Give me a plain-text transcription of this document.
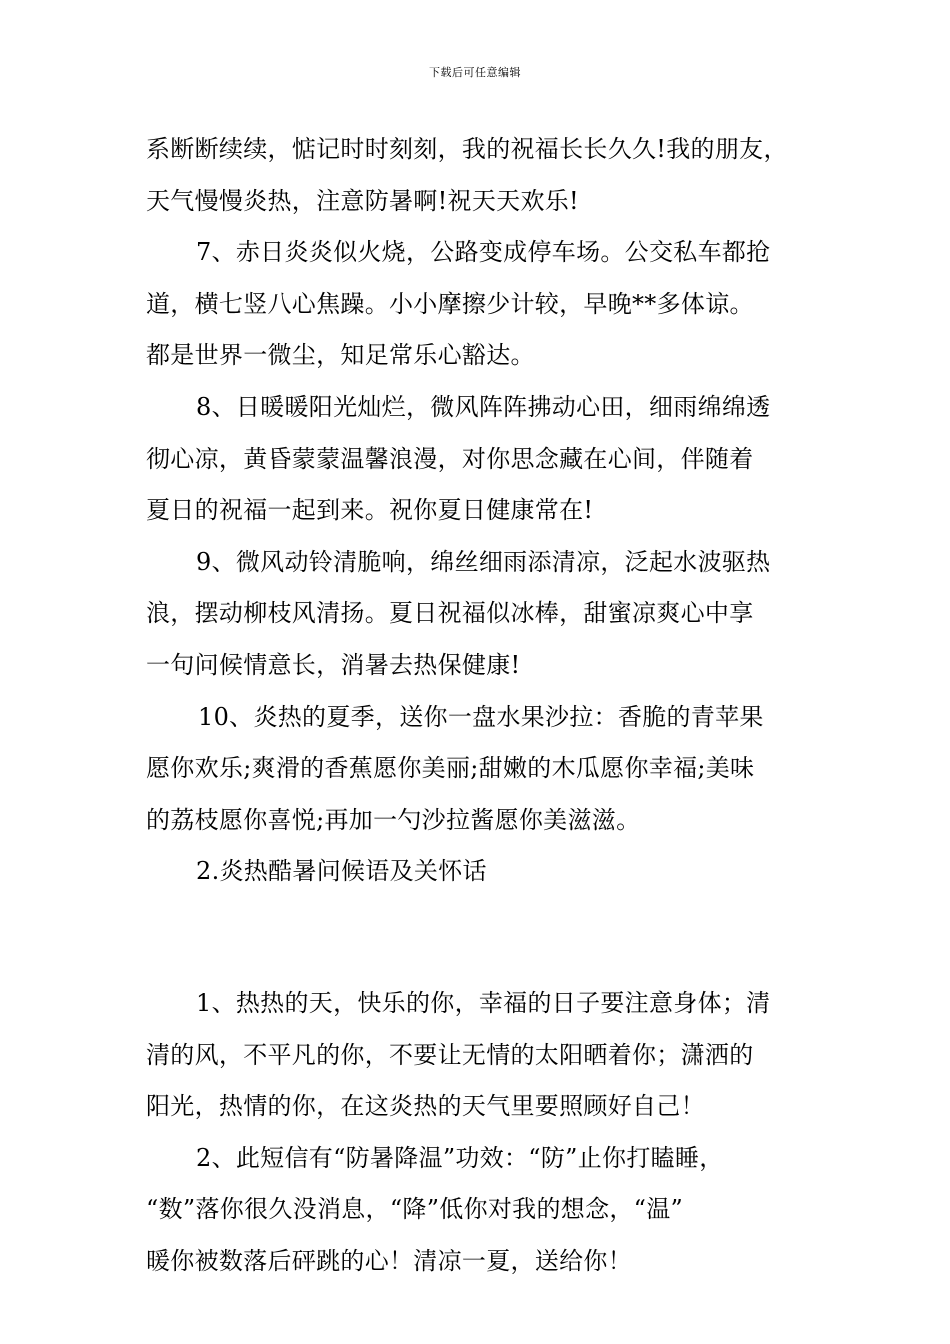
下载后可任意编辑
系断断续续，惦记时时刻刻，我的祝福长长久久!我的朋友，
天气慢慢炎热，注意防暑啊!祝天天欢乐!
7、赤日炎炎似火烧，公路变成停车场。公交私车都抢
道，横七竖八心焦躁。小小摩擦少计较，早晚**多体谅。
都是世界一微尘，知足常乐心豁达。
8、日暖暖阳光灿烂，微风阵阵拂动心田，细雨绵绵透
彻心凉，黄昏蒙蒙温馨浪漫，对你思念藏在心间，伴随着
夏日的祝福一起到来。祝你夏日健康常在!
9、微风动铃清脆响，绵丝细雨添清凉，泛起水波驱热
浪，摆动柳枝风清扬。夏日祝福似冰棒，甜蜜凉爽心中享
一句问候情意长，消暑去热保健康!
10、炎热的夏季，送你一盘水果沙拉：香脆的青苹果
愿你欢乐;爽滑的香蕉愿你美丽;甜嫩的木瓜愿你幸福;美味
的荔枝愿你喜悦;再加一勺沙拉酱愿你美滋滋。
2.炎热酷暑问候语及关怀话
1、热热的天，快乐的你，幸福的日子要注意身体；清
清的风，不平凡的你，不要让无情的太阳晒着你；潇洒的
阳光，热情的你，在这炎热的天气里要照顾好自己！
2、此短信有“防暑降温”功效：“防”止你打瞌睡，
“数”落你很久没消息，“降”低你对我的想念，“温”
暖你被数落后砰跳的心！清凉一夏，送给你！
